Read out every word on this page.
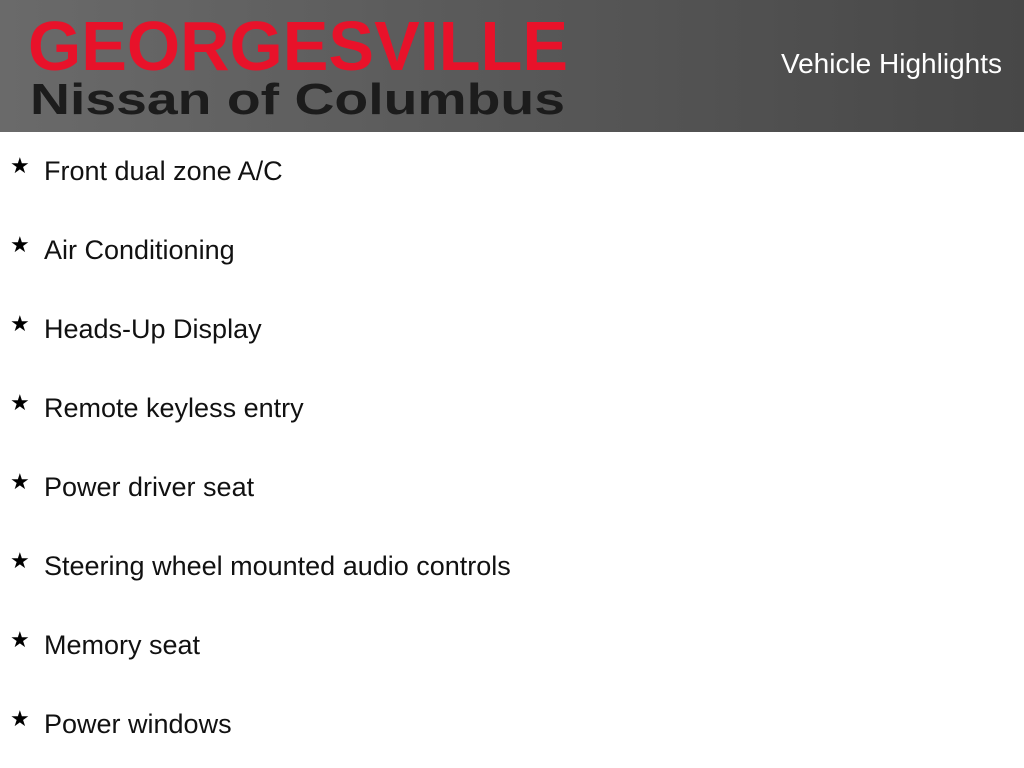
GEORGESVILLE
Nissan of Columbus
Vehicle Highlights
★ Front dual zone A/C
★ Air Conditioning
★ Heads-Up Display
★ Remote keyless entry
★ Power driver seat
★ Steering wheel mounted audio controls
★ Memory seat
★ Power windows
